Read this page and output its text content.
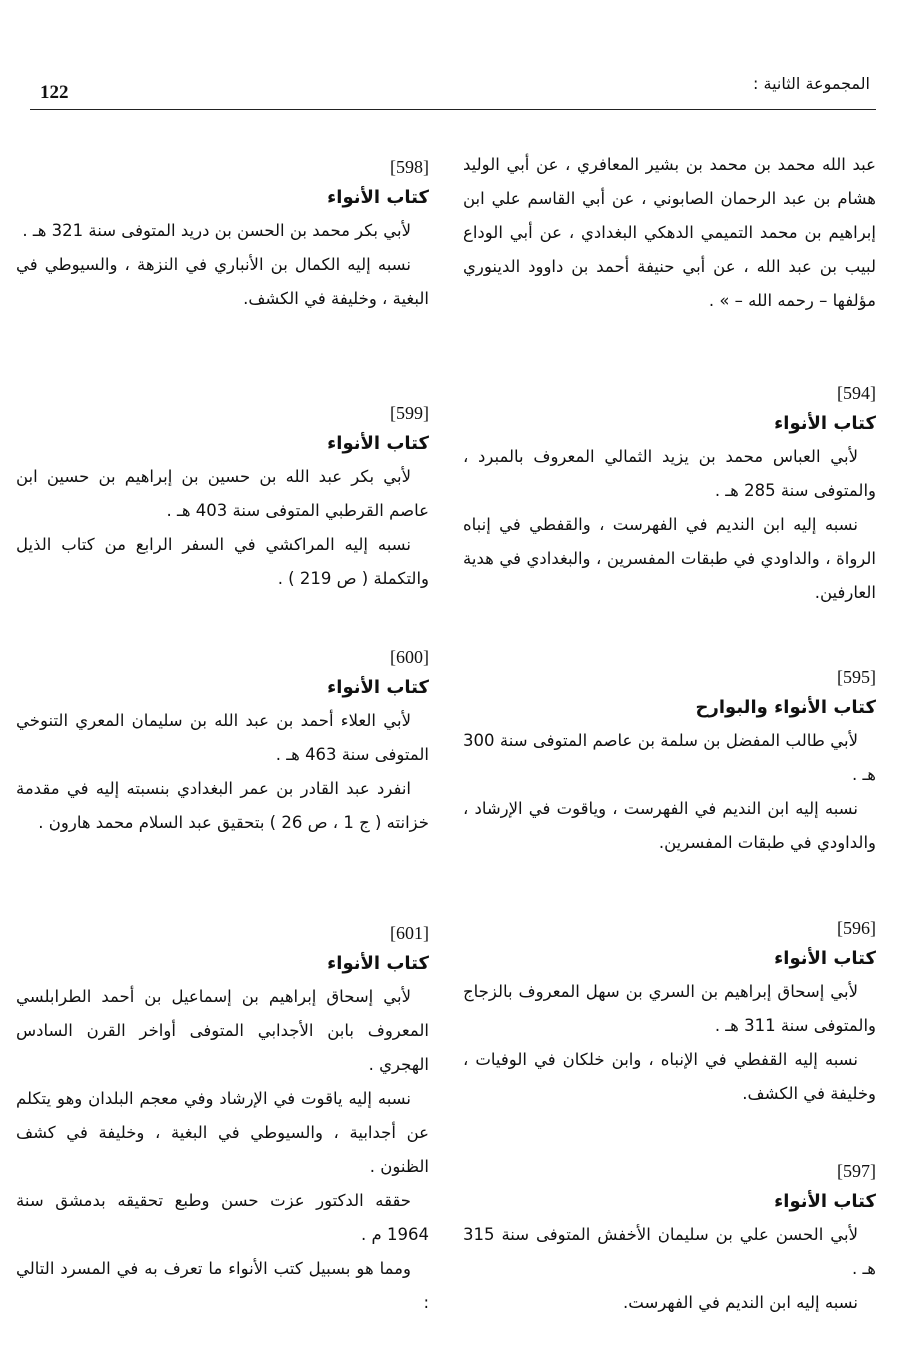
122	المجموعة الثانية :

عبد الله محمد بن محمد بن بشير المعافري ، عن أبي الوليد هشام بن عبد الرحمان الصابوني ، عن أبي القاسم علي ابن إبراهيم بن محمد التميمي الدهكي البغدادي ، عن أبي الوداع لبيب بن عبد الله ، عن أبي حنيفة أحمد بن داوود الدينوري مؤلفها – رحمه الله – » .

[594]
كتاب الأنواء

لأبي العباس محمد بن يزيد الثمالي المعروف بالمبرد ، والمتوفى سنة 285 هـ .

نسبه إليه ابن النديم في الفهرست ، والقفطي في إنباه الرواة ، والداودي في طبقات المفسرين ، والبغدادي في هدية العارفين.

[595]
كتاب الأنواء والبوارح

لأبي طالب المفضل بن سلمة بن عاصم المتوفى سنة 300 هـ .

نسبه إليه ابن النديم في الفهرست ، وياقوت في الإرشاد ، والداودي في طبقات المفسرين.

[596]
كتاب الأنواء

لأبي إسحاق إبراهيم بن السري بن سهل المعروف بالزجاج والمتوفى سنة 311 هـ .

نسبه إليه القفطي في الإنباه ، وابن خلكان في الوفيات ، وخليفة في الكشف.

[597]
كتاب الأنواء

لأبي الحسن علي بن سليمان الأخفش المتوفى سنة 315 هـ .

نسبه إليه ابن النديم في الفهرست.

[598]
كتاب الأنواء

لأبي بكر محمد بن الحسن بن دريد المتوفى سنة 321 هـ .

نسبه إليه الكمال بن الأنباري في النزهة ، والسيوطي في البغية ، وخليفة في الكشف.

[599]
كتاب الأنواء

لأبي بكر عبد الله بن حسين بن إبراهيم بن حسين ابن عاصم القرطبي المتوفى سنة 403 هـ .

نسبه إليه المراكشي في السفر الرابع من كتاب الذيل والتكملة ( ص 219 ) .

[600]
كتاب الأنواء

لأبي العلاء أحمد بن عبد الله بن سليمان المعري التنوخي المتوفى سنة 463 هـ .

انفرد عبد القادر بن عمر البغدادي بنسبته إليه في مقدمة خزانته ( ج 1 ، ص 26 ) بتحقيق عبد السلام محمد هارون .

[601]
كتاب الأنواء

لأبي إسحاق إبراهيم بن إسماعيل بن أحمد الطرابلسي المعروف بابن الأجدابي المتوفى أواخر القرن السادس الهجري .

نسبه إليه ياقوت في الإرشاد وفي معجم البلدان وهو يتكلم عن أجدابية ، والسيوطي في البغية ، وخليفة في كشف الظنون .

حققه الدكتور عزت حسن وطبع تحقيقه بدمشق سنة 1964 م .

ومما هو بسبيل كتب الأنواء ما تعرف به في المسرد التالي :
